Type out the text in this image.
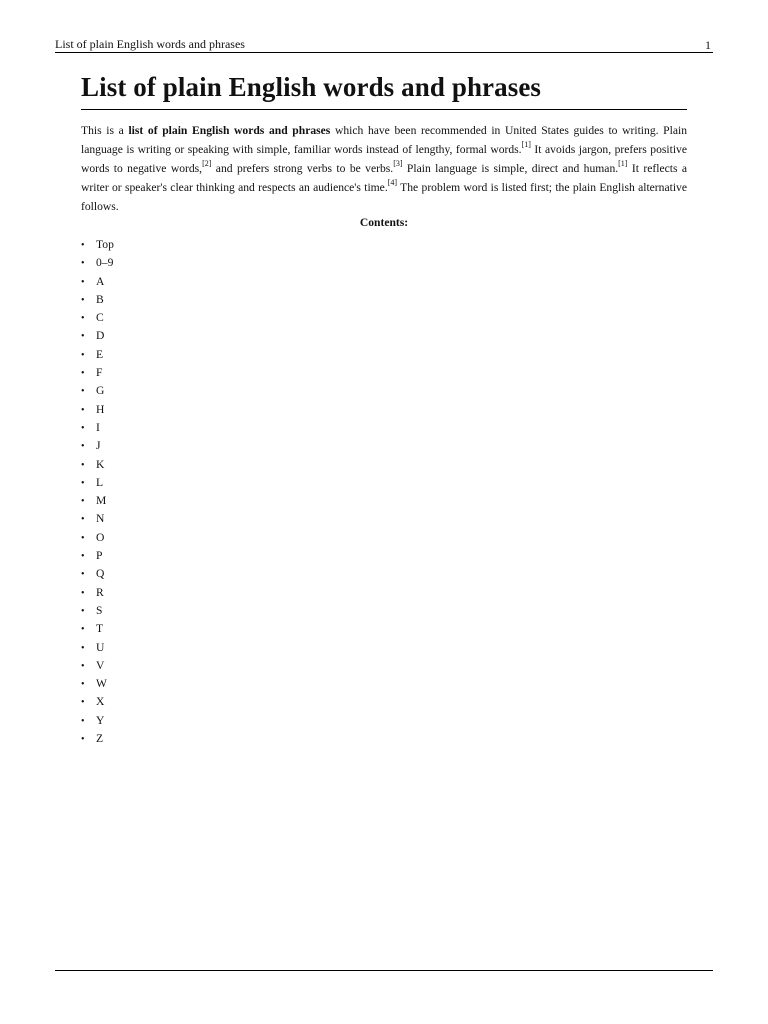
List of plain English words and phrases	1
List of plain English words and phrases

This is a list of plain English words and phrases which have been recommended in United States guides to writing. Plain language is writing or speaking with simple, familiar words instead of lengthy, formal words.[1] It avoids jargon, prefers positive words to negative words,[2] and prefers strong verbs to be verbs.[3] Plain language is simple, direct and human.[1] It reflects a writer or speaker's clear thinking and respects an audience's time.[4] The problem word is listed first; the plain English alternative follows.

Contents:
• Top
• 0–9
• A
• B
• C
• D
• E
• F
• G
• H
• I
• J
• K
• L
• M
• N
• O
• P
• Q
• R
• S
• T
• U
• V
• W
• X
• Y
• Z
